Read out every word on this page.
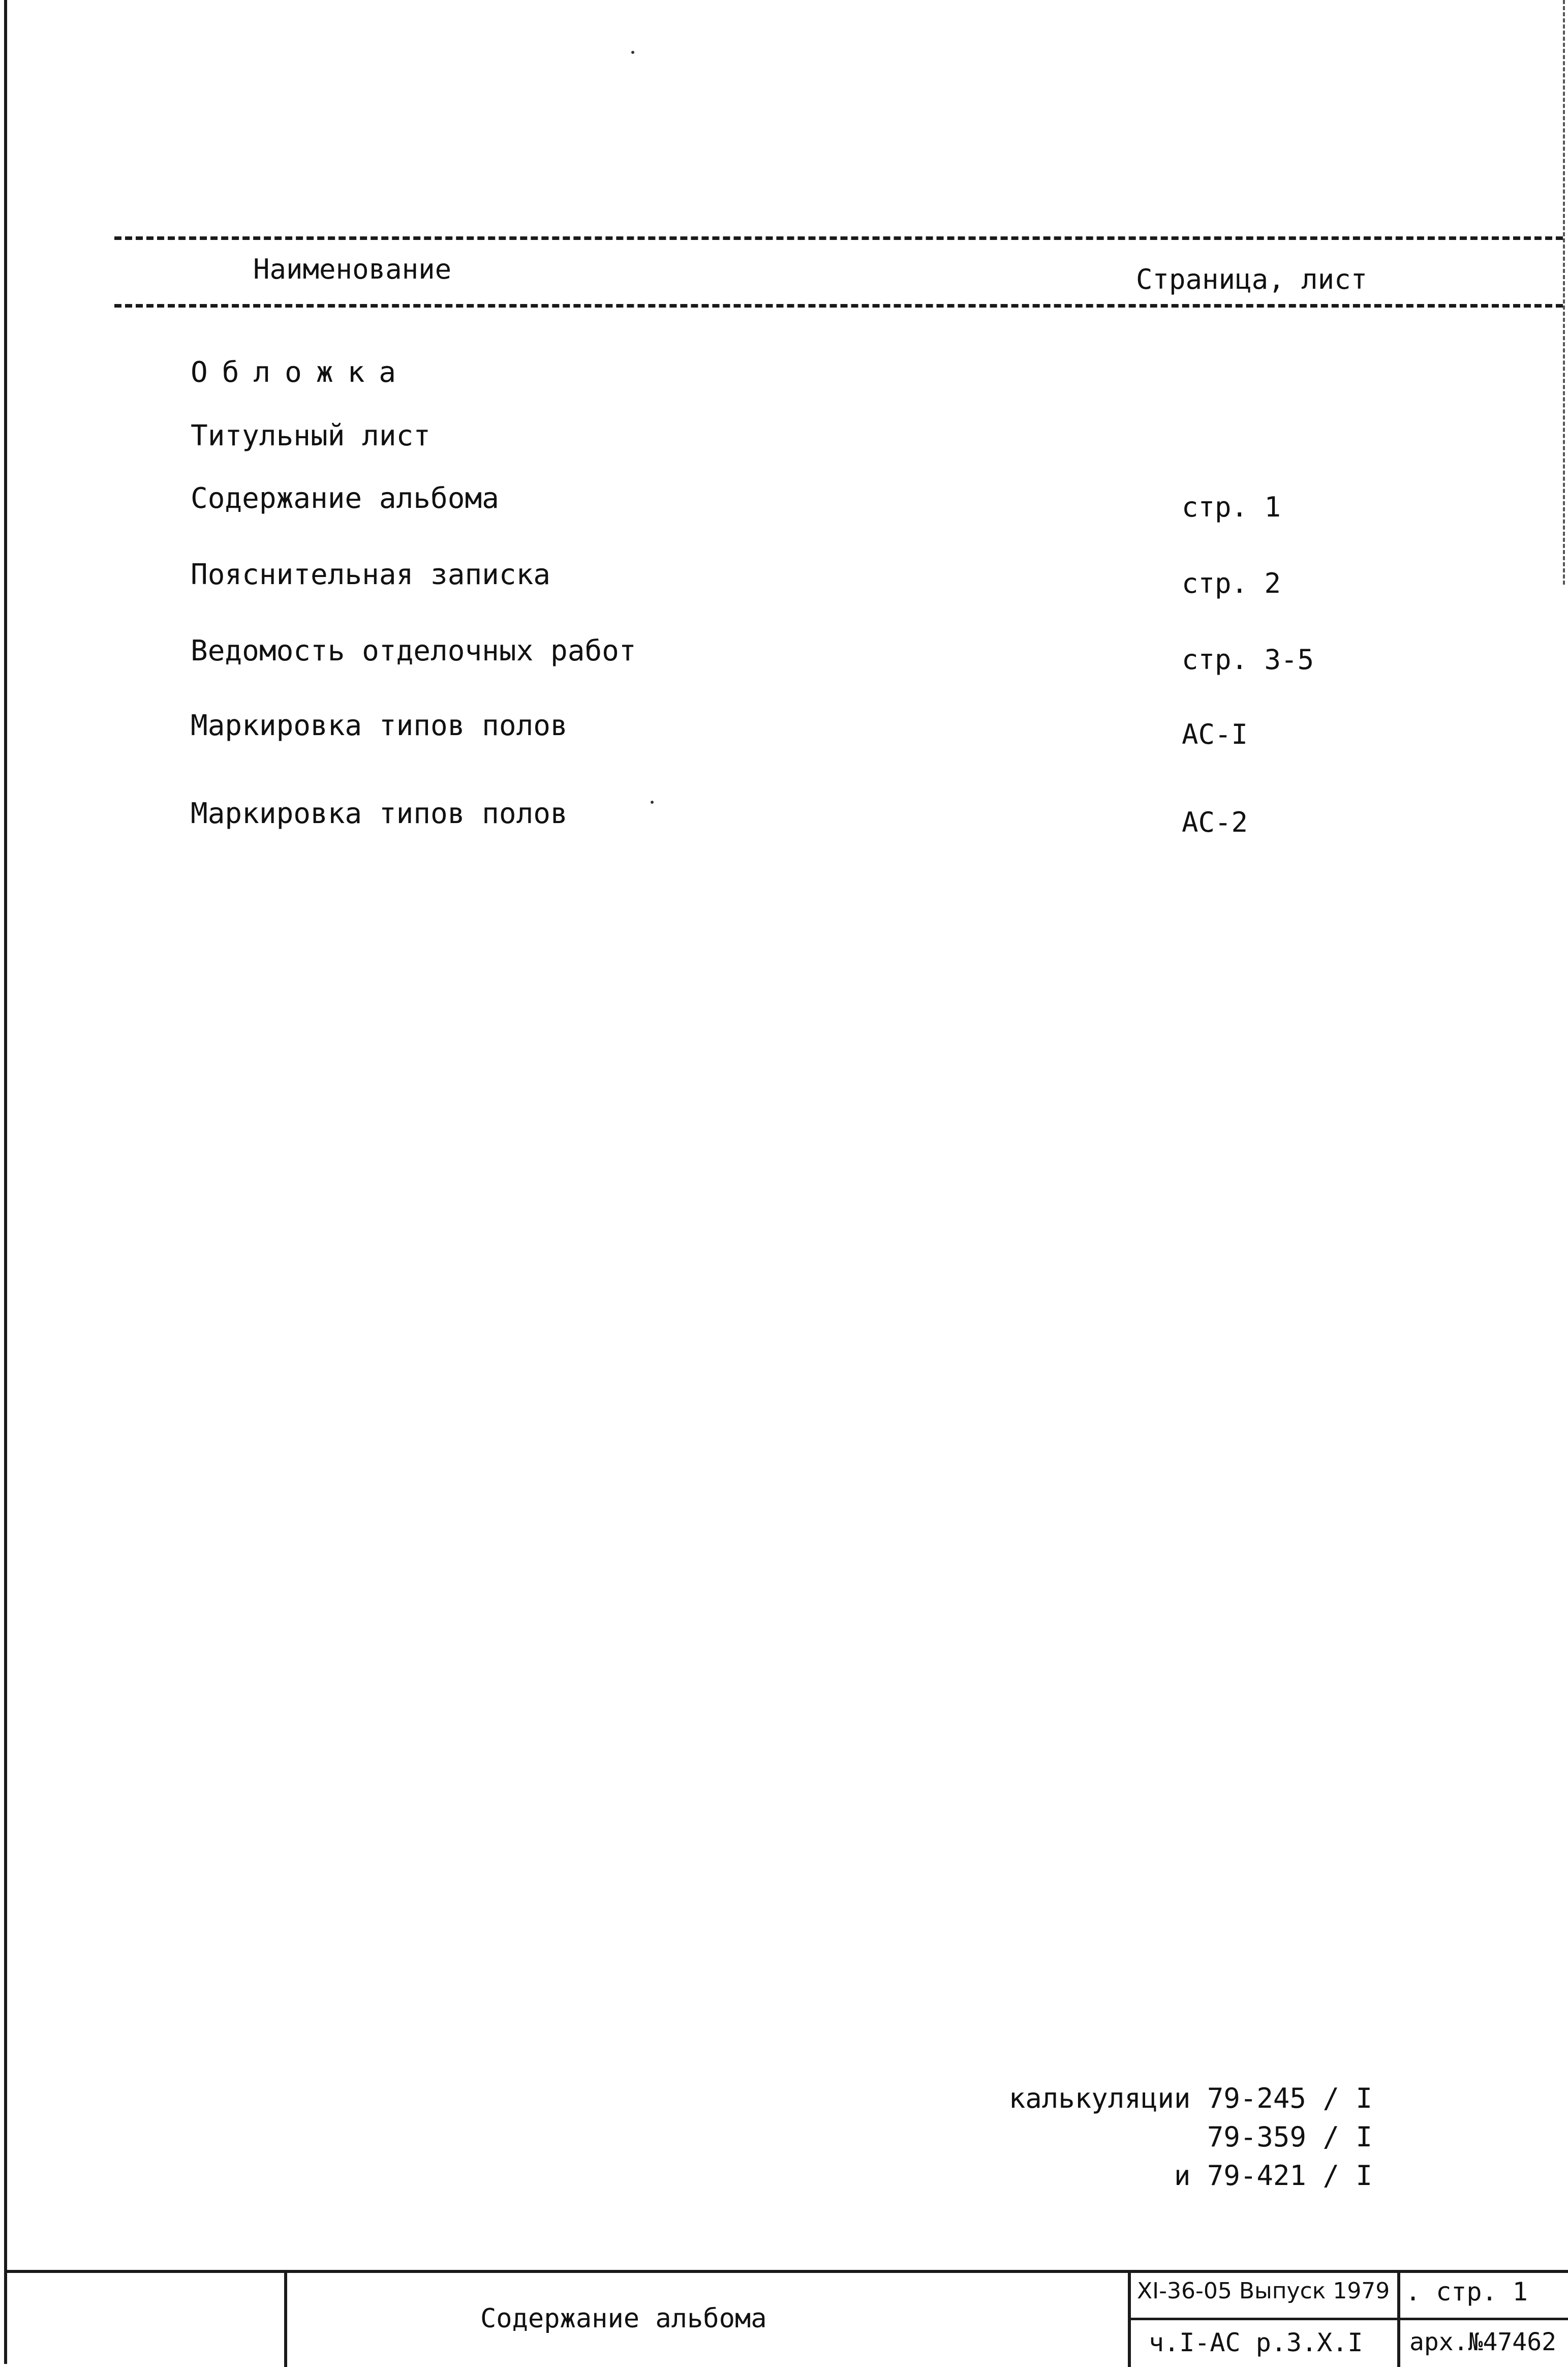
Наименование	Страница, лист
Обложка
Титульный лист
Содержание альбома	стр. 1
Пояснительная записка	стр. 2
Ведомость отделочных работ	стр. 3-5
Маркировка типов полов	АС-I
Маркировка типов полов	АС-2
калькуляции 79-245 / I
79-359 / I
и 79-421 / I
Содержание альбома
ХI-36-05 Выпуск 1979
ч.I-АС р.3.Х.I
. стр. 1
арх.№47462
